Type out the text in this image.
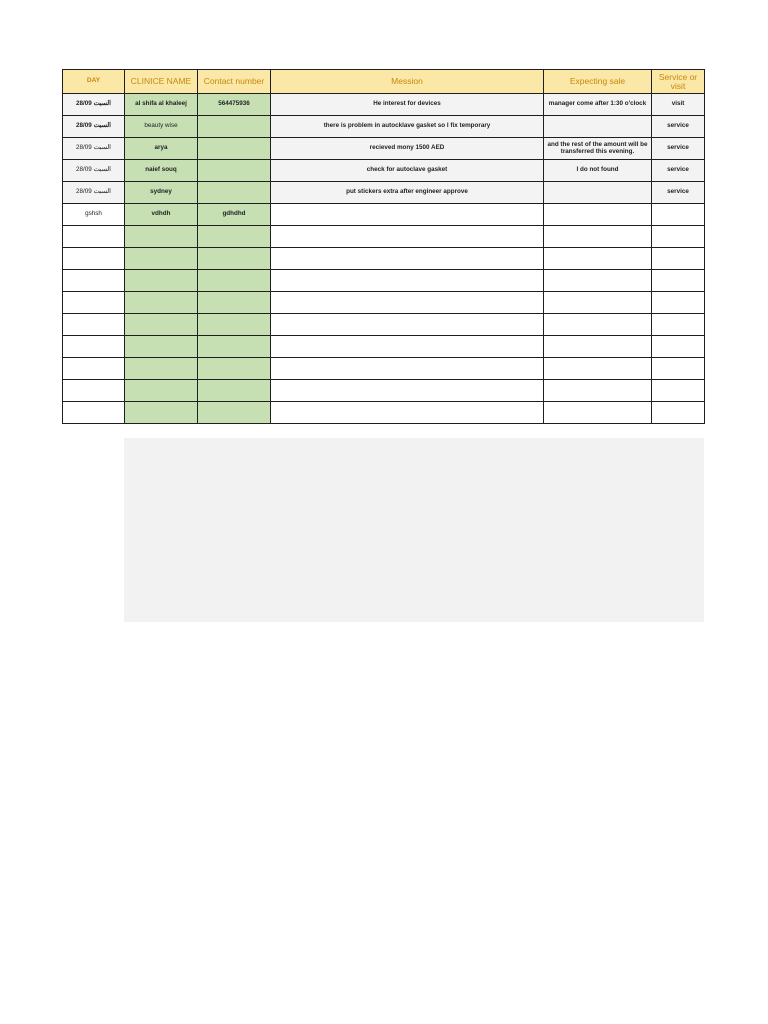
DAY	CLINICE NAME	Contact number	Mession	Expecting sale	Service or visit
28/09 السبت	al shifa al khaleej	564475936	He interest for devices	manager come after 1:30 o'clock	visit
28/09 السبت	beauty wise		there is problem in autocklave gasket so I fix temporary		service
28/09 السبت	arya		recieved mony 1500 AED	and the rest of the amount will be transferred this evening.	service
28/09 السبت	naief souq		check for autoclave gasket	I do not found	service
28/09 السبت	sydney		put stickers extra after engineer approve		service
gshsh	vdhdh	gdhdhd			
